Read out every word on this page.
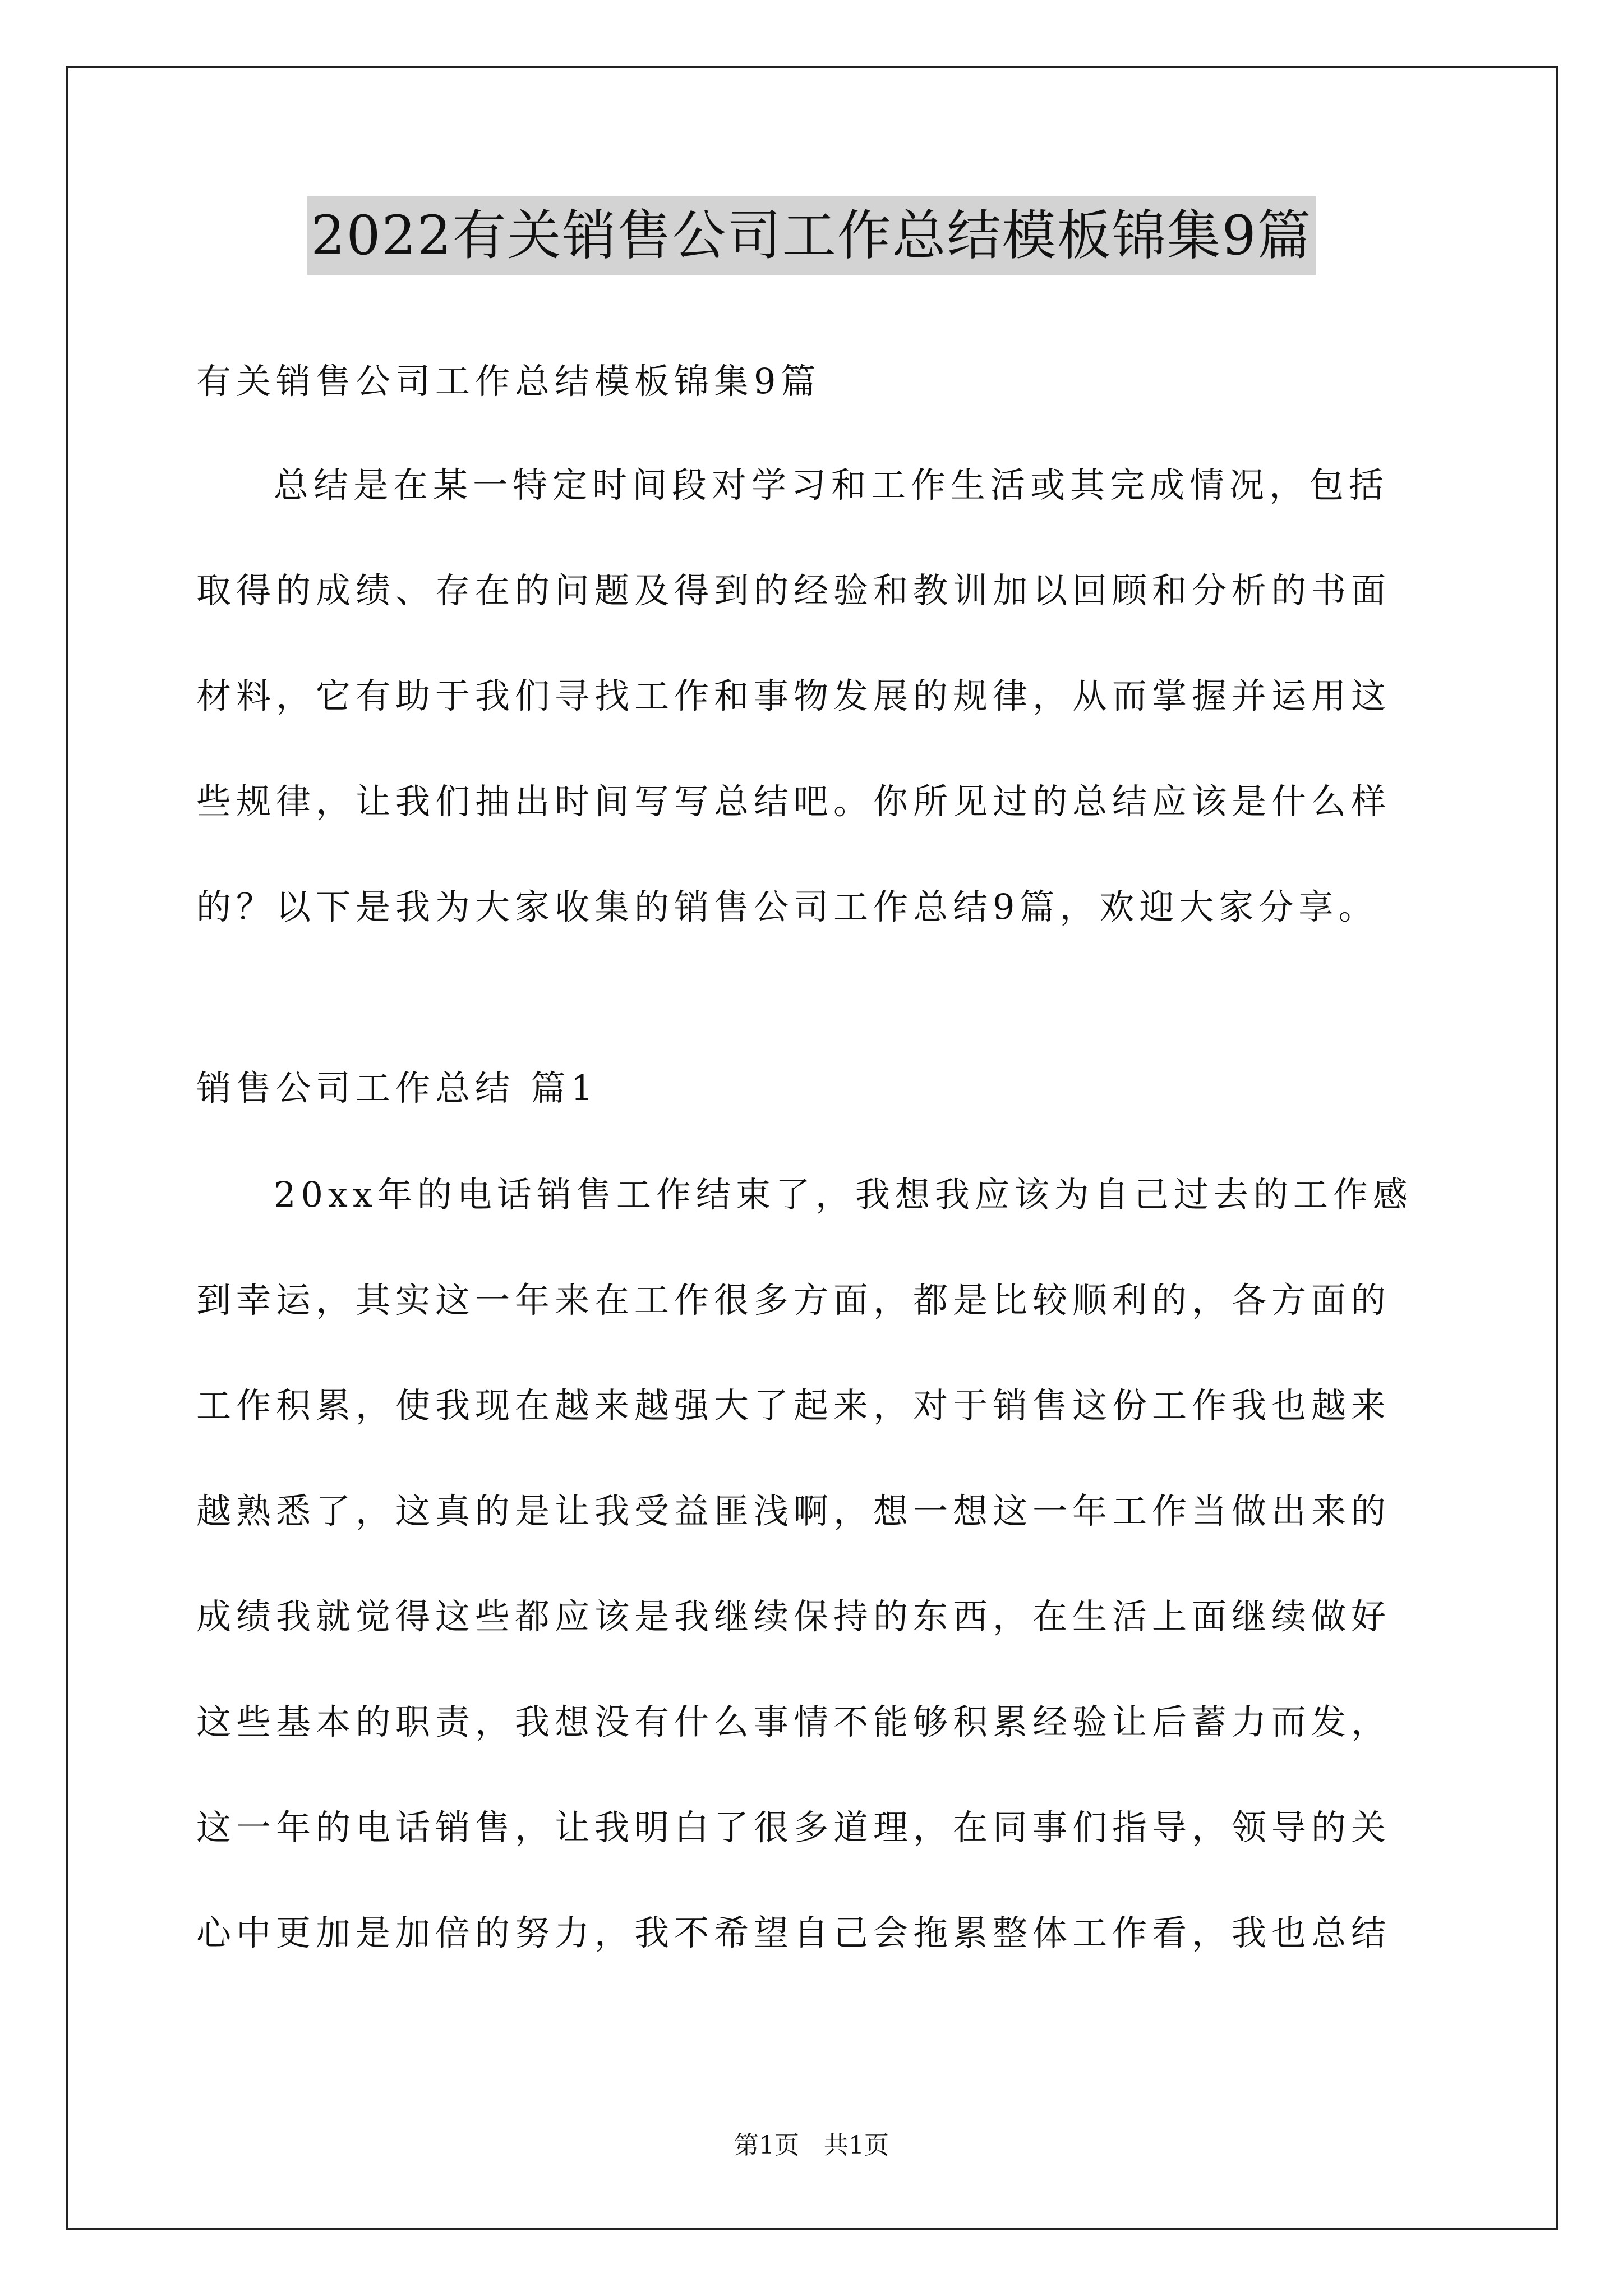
2022有关销售公司工作总结模板锦集9篇
有关销售公司工作总结模板锦集9篇
总结是在某一特定时间段对学习和工作生活或其完成情况，包括
取得的成绩、存在的问题及得到的经验和教训加以回顾和分析的书面
材料，它有助于我们寻找工作和事物发展的规律，从而掌握并运用这
些规律，让我们抽出时间写写总结吧。你所见过的总结应该是什么样
的？以下是我为大家收集的销售公司工作总结9篇，欢迎大家分享。
销售公司工作总结 篇1
20xx年的电话销售工作结束了，我想我应该为自己过去的工作感
到幸运，其实这一年来在工作很多方面，都是比较顺利的，各方面的
工作积累，使我现在越来越强大了起来，对于销售这份工作我也越来
越熟悉了，这真的是让我受益匪浅啊，想一想这一年工作当做出来的
成绩我就觉得这些都应该是我继续保持的东西，在生活上面继续做好
这些基本的职责，我想没有什么事情不能够积累经验让后蓄力而发，
这一年的电话销售，让我明白了很多道理，在同事们指导，领导的关
心中更加是加倍的努力，我不希望自己会拖累整体工作看，我也总结
第1页　共1页
